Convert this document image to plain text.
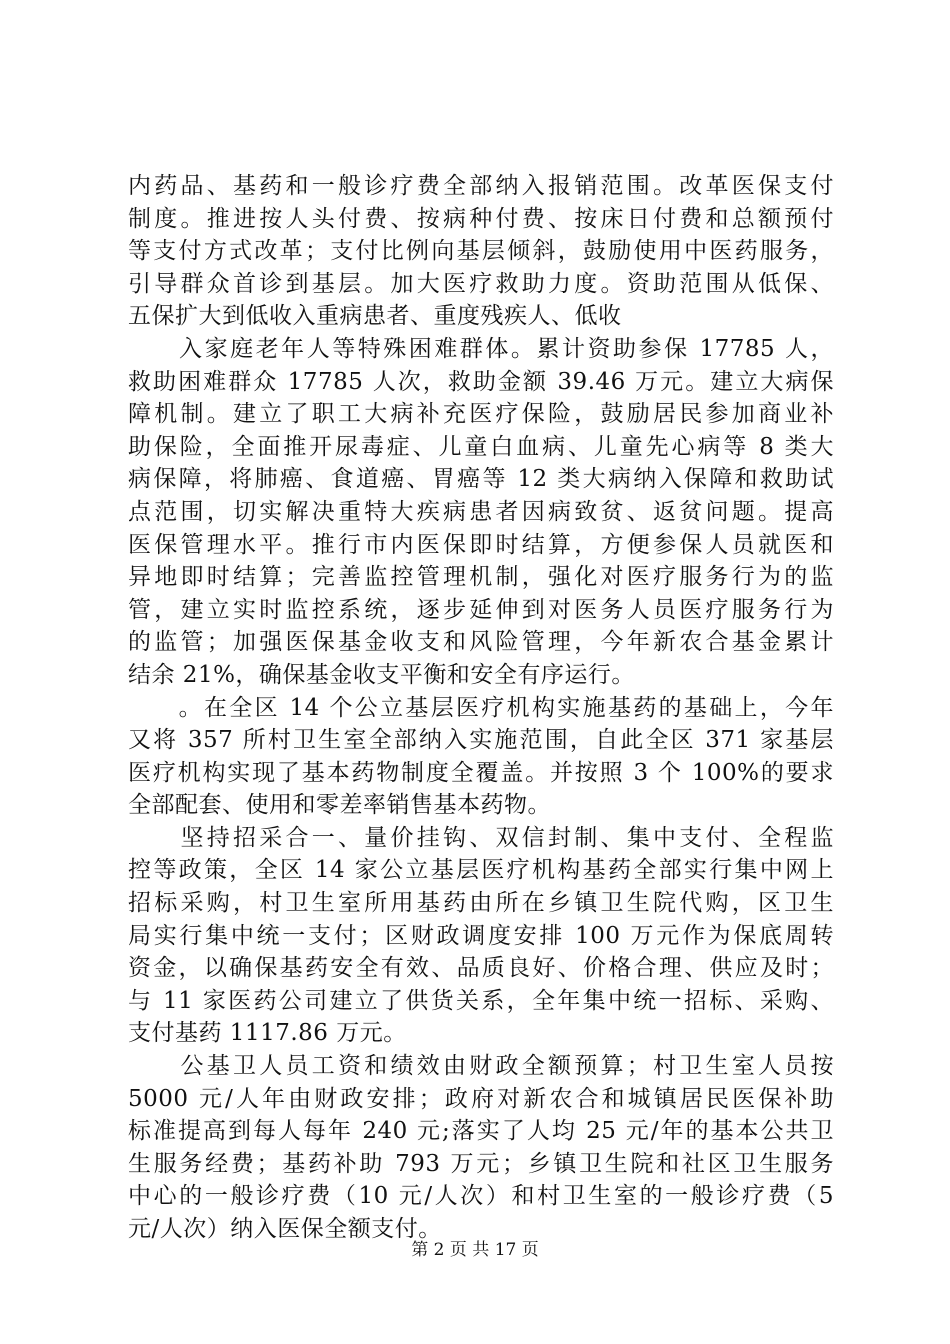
内药品、基药和一般诊疗费全部纳入报销范围。改革医保支付
制度。推进按人头付费、按病种付费、按床日付费和总额预付
等支付方式改革；支付比例向基层倾斜，鼓励使用中医药服务，
引导群众首诊到基层。加大医疗救助力度。资助范围从低保、
五保扩大到低收入重病患者、重度残疾人、低收
　　入家庭老年人等特殊困难群体。累计资助参保 17785 人，
救助困难群众 17785 人次，救助金额 39.46 万元。建立大病保
障机制。建立了职工大病补充医疗保险，鼓励居民参加商业补
助保险，全面推开尿毒症、儿童白血病、儿童先心病等 8 类大
病保障，将肺癌、食道癌、胃癌等 12 类大病纳入保障和救助试
点范围，切实解决重特大疾病患者因病致贫、返贫问题。提高
医保管理水平。推行市内医保即时结算，方便参保人员就医和
异地即时结算；完善监控管理机制，强化对医疗服务行为的监
管，建立实时监控系统，逐步延伸到对医务人员医疗服务行为
的监管；加强医保基金收支和风险管理，今年新农合基金累计
结余 21%，确保基金收支平衡和安全有序运行。
　　。在全区 14 个公立基层医疗机构实施基药的基础上，今年
又将 357 所村卫生室全部纳入实施范围，自此全区 371 家基层
医疗机构实现了基本药物制度全覆盖。并按照 3 个 100%的要求
全部配套、使用和零差率销售基本药物。
　　坚持招采合一、量价挂钩、双信封制、集中支付、全程监
控等政策，全区 14 家公立基层医疗机构基药全部实行集中网上
招标采购，村卫生室所用基药由所在乡镇卫生院代购，区卫生
局实行集中统一支付；区财政调度安排 100 万元作为保底周转
资金，以确保基药安全有效、品质良好、价格合理、供应及时；
与 11 家医药公司建立了供货关系，全年集中统一招标、采购、
支付基药 1117.86 万元。
　　公基卫人员工资和绩效由财政全额预算；村卫生室人员按
5000 元/人年由财政安排；政府对新农合和城镇居民医保补助
标准提高到每人每年 240 元;落实了人均 25 元/年的基本公共卫
生服务经费；基药补助 793 万元；乡镇卫生院和社区卫生服务
中心的一般诊疗费（10 元/人次）和村卫生室的一般诊疗费（5
元/人次）纳入医保全额支付。
第 2 页 共 17 页
